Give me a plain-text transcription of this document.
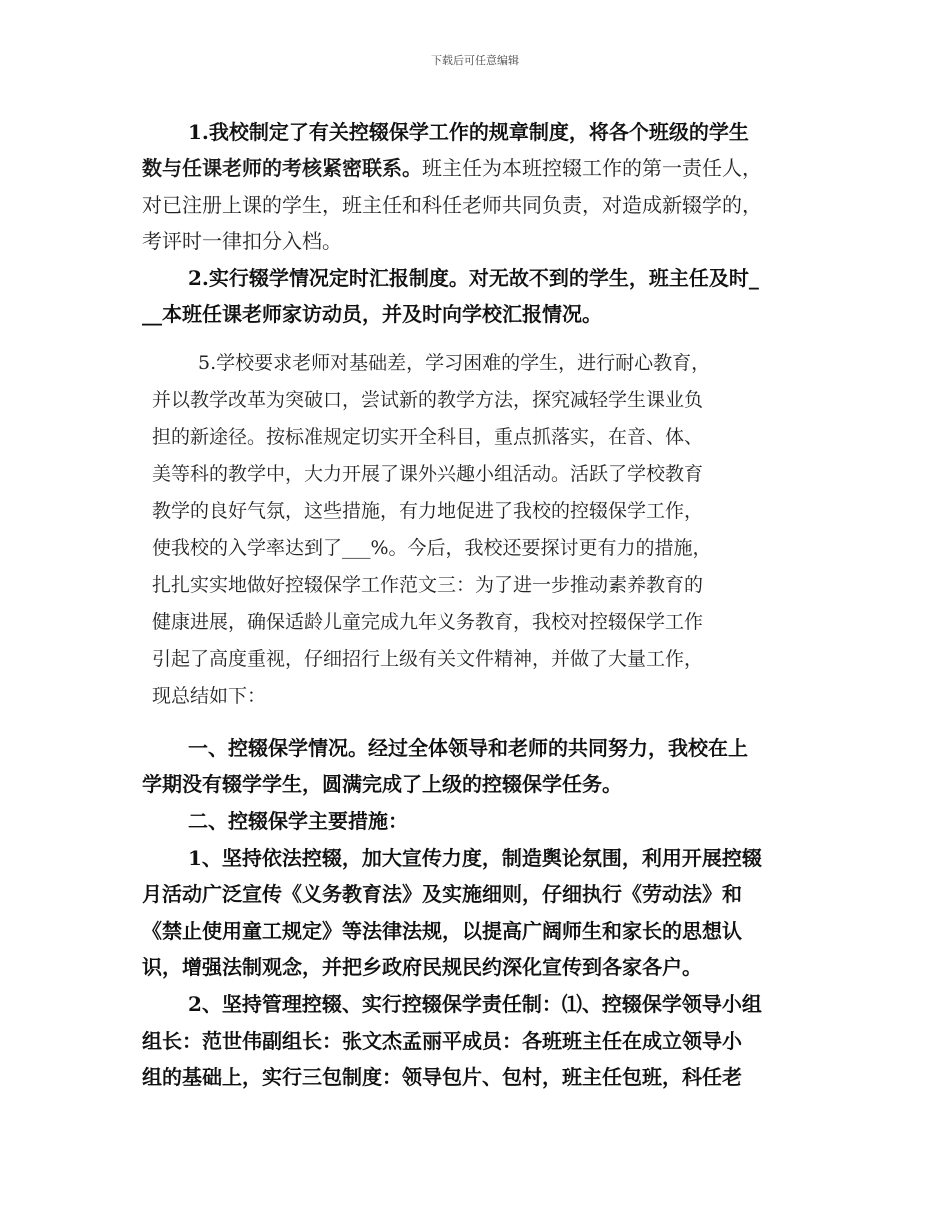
下载后可任意编辑
1.我校制定了有关控辍保学工作的规章制度，将各个班级的学生
数与任课老师的考核紧密联系。班主任为本班控辍工作的第一责任人，
对已注册上课的学生，班主任和科任老师共同负责，对造成新辍学的，
考评时一律扣分入档。
2.实行辍学情况定时汇报制度。对无故不到的学生，班主任及时_
__本班任课老师家访动员，并及时向学校汇报情况。
5.学校要求老师对基础差，学习困难的学生，进行耐心教育，
并以教学改革为突破口，尝试新的教学方法，探究减轻学生课业负
担的新途径。按标准规定切实开全科目，重点抓落实，在音、体、
美等科的教学中，大力开展了课外兴趣小组活动。活跃了学校教育
教学的良好气氛，这些措施，有力地促进了我校的控辍保学工作，
使我校的入学率达到了___%。今后，我校还要探讨更有力的措施，
扎扎实实地做好控辍保学工作范文三：为了进一步推动素养教育的
健康进展，确保适龄儿童完成九年义务教育，我校对控辍保学工作
引起了高度重视，仔细招行上级有关文件精神，并做了大量工作，
现总结如下：
一、控辍保学情况。经过全体领导和老师的共同努力，我校在上
学期没有辍学学生，圆满完成了上级的控辍保学任务。
二、控辍保学主要措施：
1、坚持依法控辍，加大宣传力度，制造舆论氛围，利用开展控辍
月活动广泛宣传《义务教育法》及实施细则，仔细执行《劳动法》和
《禁止使用童工规定》等法律法规，以提高广阔师生和家长的思想认
识，增强法制观念，并把乡政府民规民约深化宣传到各家各户。
2、坚持管理控辍、实行控辍保学责任制：⑴、控辍保学领导小组
组长：范世伟副组长：张文杰孟丽平成员：各班班主任在成立领导小
组的基础上，实行三包制度：领导包片、包村，班主任包班，科任老
